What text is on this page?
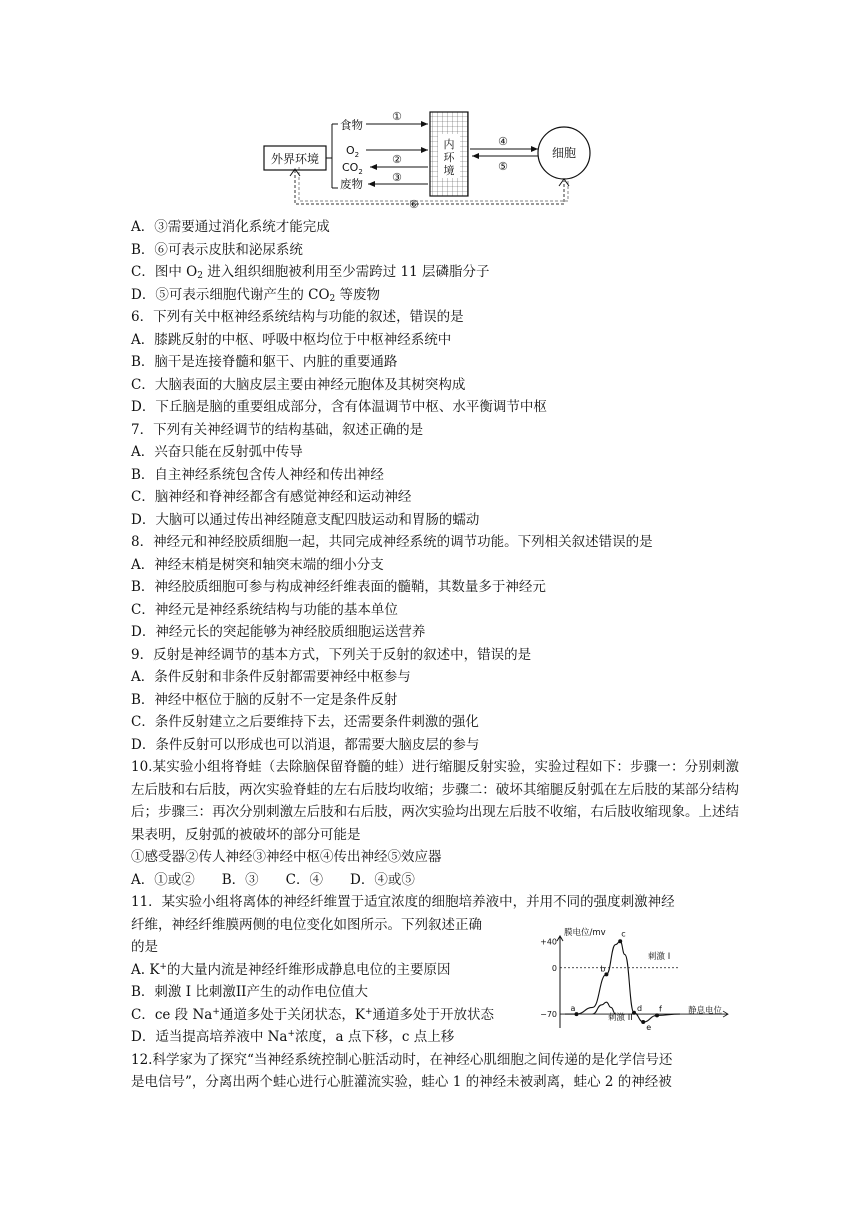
外界环境
内
环
境
食物
$O_2$
$CO_2$
废物
①
②
③
④
⑤
细胞
⑥
A．③需要通过消化系统才能完成
B．⑥可表示皮肤和泌尿系统
C．图中 $O_2$ 进入组织细胞被利用至少需跨过 11 层磷脂分子
D．⑤可表示细胞代谢产生的 $CO_2$ 等废物
6．下列有关中枢神经系统结构与功能的叙述，错误的是
A．膝跳反射的中枢、呼吸中枢均位于中枢神经系统中
B．脑干是连接脊髓和躯干、内脏的重要通路
C．大脑表面的大脑皮层主要由神经元胞体及其树突构成
D．下丘脑是脑的重要组成部分，含有体温调节中枢、水平衡调节中枢
7．下列有关神经调节的结构基础，叙述正确的是
A．兴奋只能在反射弧中传导
B．自主神经系统包含传人神经和传出神经
C．脑神经和脊神经都含有感觉神经和运动神经
D．大脑可以通过传出神经随意支配四肢运动和胃肠的蠕动
8．神经元和神经胶质细胞一起，共同完成神经系统的调节功能。下列相关叙述错误的是
A．神经末梢是树突和轴突末端的细小分支
B．神经胶质细胞可参与构成神经纤维表面的髓鞘，其数量多于神经元
C．神经元是神经系统结构与功能的基本单位
D．神经元长的突起能够为神经胶质细胞运送营养
9．反射是神经调节的基本方式，下列关于反射的叙述中，错误的是
A．条件反射和非条件反射都需要神经中枢参与
B．神经中枢位于脑的反射不一定是条件反射
C．条件反射建立之后要维持下去，还需要条件刺激的强化
D．条件反射可以形成也可以消退，都需要大脑皮层的参与
10.某实验小组将脊蛙（去除脑保留脊髓的蛙）进行缩腿反射实验，实验过程如下：步骤一：分别刺激左后肢和右后肢，两次实验脊蛙的左右后肢均收缩；步骤二：破坏其缩腿反射弧在左后肢的某部分结构后；步骤三：再次分别刺激左后肢和右后肢，两次实验均出现左后肢不收缩，右后肢收缩现象。上述结果表明，反射弧的被破坏的部分可能是
①感受器②传人神经③神经中枢④传出神经⑤效应器
A．①或②　　B．③　　C．④　　D．④或⑤
11．某实验小组将离体的神经纤维置于适宜浓度的细胞培养液中，并用不同的强度刺激神经
纤维，神经纤维膜两侧的电位变化如图所示。下列叙述正确
的是
A. K+的大量内流是神经纤维形成静息电位的主要原因
B．刺激 I 比刺激II产生的动作电位值大
C．ce 段 Na+通道多处于关闭状态，K+通道多处于开放状态
D．适当提高培养液中 Na+浓度，a 点下移，c 点上移
12.科学家为了探究“当神经系统控制心脏活动时，在神经心肌细胞之间传递的是化学信号还
是电信号”，分离出两个蛙心进行心脏灌流实验，蛙心 1 的神经未被剥离，蛙心 2 的神经被
+40
0
−70
a
b
c
d
e
f
膜电位/mv
刺激 I
刺激 II
静息电位
